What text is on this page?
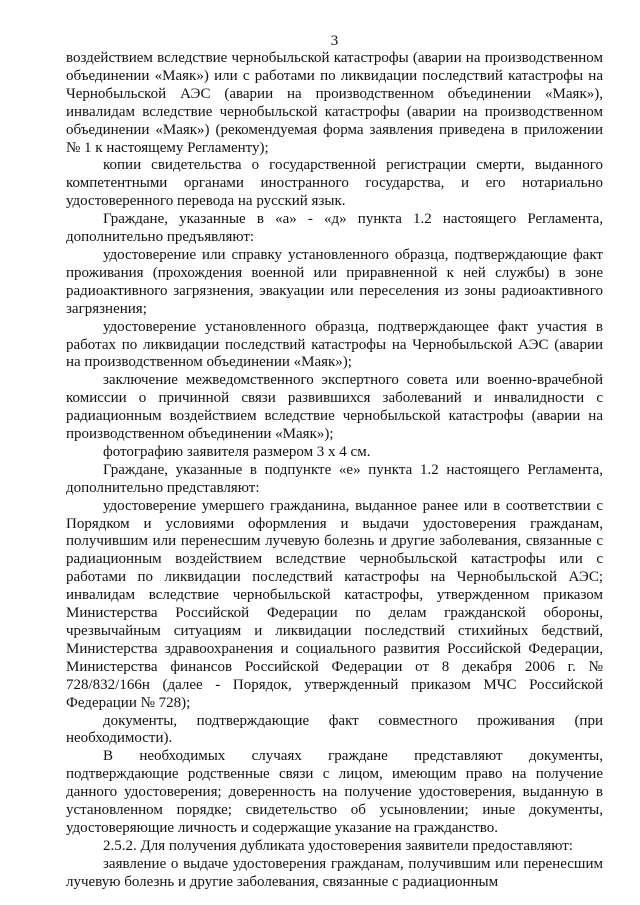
3

воздействием вследствие чернобыльской катастрофы (аварии на производственном объединении «Маяк») или с работами по ликвидации последствий катастрофы на Чернобыльской АЭС (аварии на производственном объединении «Маяк»), инвалидам вследствие чернобыльской катастрофы (аварии на производственном объединении «Маяк») (рекомендуемая форма заявления приведена в приложении № 1 к настоящему Регламенту);

копии свидетельства о государственной регистрации смерти, выданного компетентными органами иностранного государства, и его нотариально удостоверенного перевода на русский язык.

Граждане, указанные в «а» - «д» пункта 1.2 настоящего Регламента, дополнительно предъявляют:

удостоверение или справку установленного образца, подтверждающие факт проживания (прохождения военной или приравненной к ней службы) в зоне радиоактивного загрязнения, эвакуации или переселения из зоны радиоактивного загрязнения;

удостоверение установленного образца, подтверждающее факт участия в работах по ликвидации последствий катастрофы на Чернобыльской АЭС (аварии на производственном объединении «Маяк»);

заключение межведомственного экспертного совета или военно-врачебной комиссии о причинной связи развившихся заболеваний и инвалидности с радиационным воздействием вследствие чернобыльской катастрофы (аварии на производственном объединении «Маяк»);

фотографию заявителя размером 3 х 4 см.

Граждане, указанные в подпункте «е» пункта 1.2 настоящего Регламента, дополнительно представляют:

удостоверение умершего гражданина, выданное ранее или в соответствии с Порядком и условиями оформления и выдачи удостоверения гражданам, получившим или перенесшим лучевую болезнь и другие заболевания, связанные с радиационным воздействием вследствие чернобыльской катастрофы или с работами по ликвидации последствий катастрофы на Чернобыльской АЭС; инвалидам вследствие чернобыльской катастрофы, утвержденном приказом Министерства Российской Федерации по делам гражданской обороны, чрезвычайным ситуациям и ликвидации последствий стихийных бедствий, Министерства здравоохранения и социального развития Российской Федерации, Министерства финансов Российской Федерации от 8 декабря 2006 г. № 728/832/166н (далее - Порядок, утвержденный приказом МЧС Российской Федерации № 728);

документы, подтверждающие факт совместного проживания (при необходимости).

В необходимых случаях граждане представляют документы, подтверждающие родственные связи с лицом, имеющим право на получение данного удостоверения; доверенность на получение удостоверения, выданную в установленном порядке; свидетельство об усыновлении; иные документы, удостоверяющие личность и содержащие указание на гражданство.

2.5.2. Для получения дубликата удостоверения заявители предоставляют:

заявление о выдаче удостоверения гражданам, получившим или перенесшим лучевую болезнь и другие заболевания, связанные с радиационным
